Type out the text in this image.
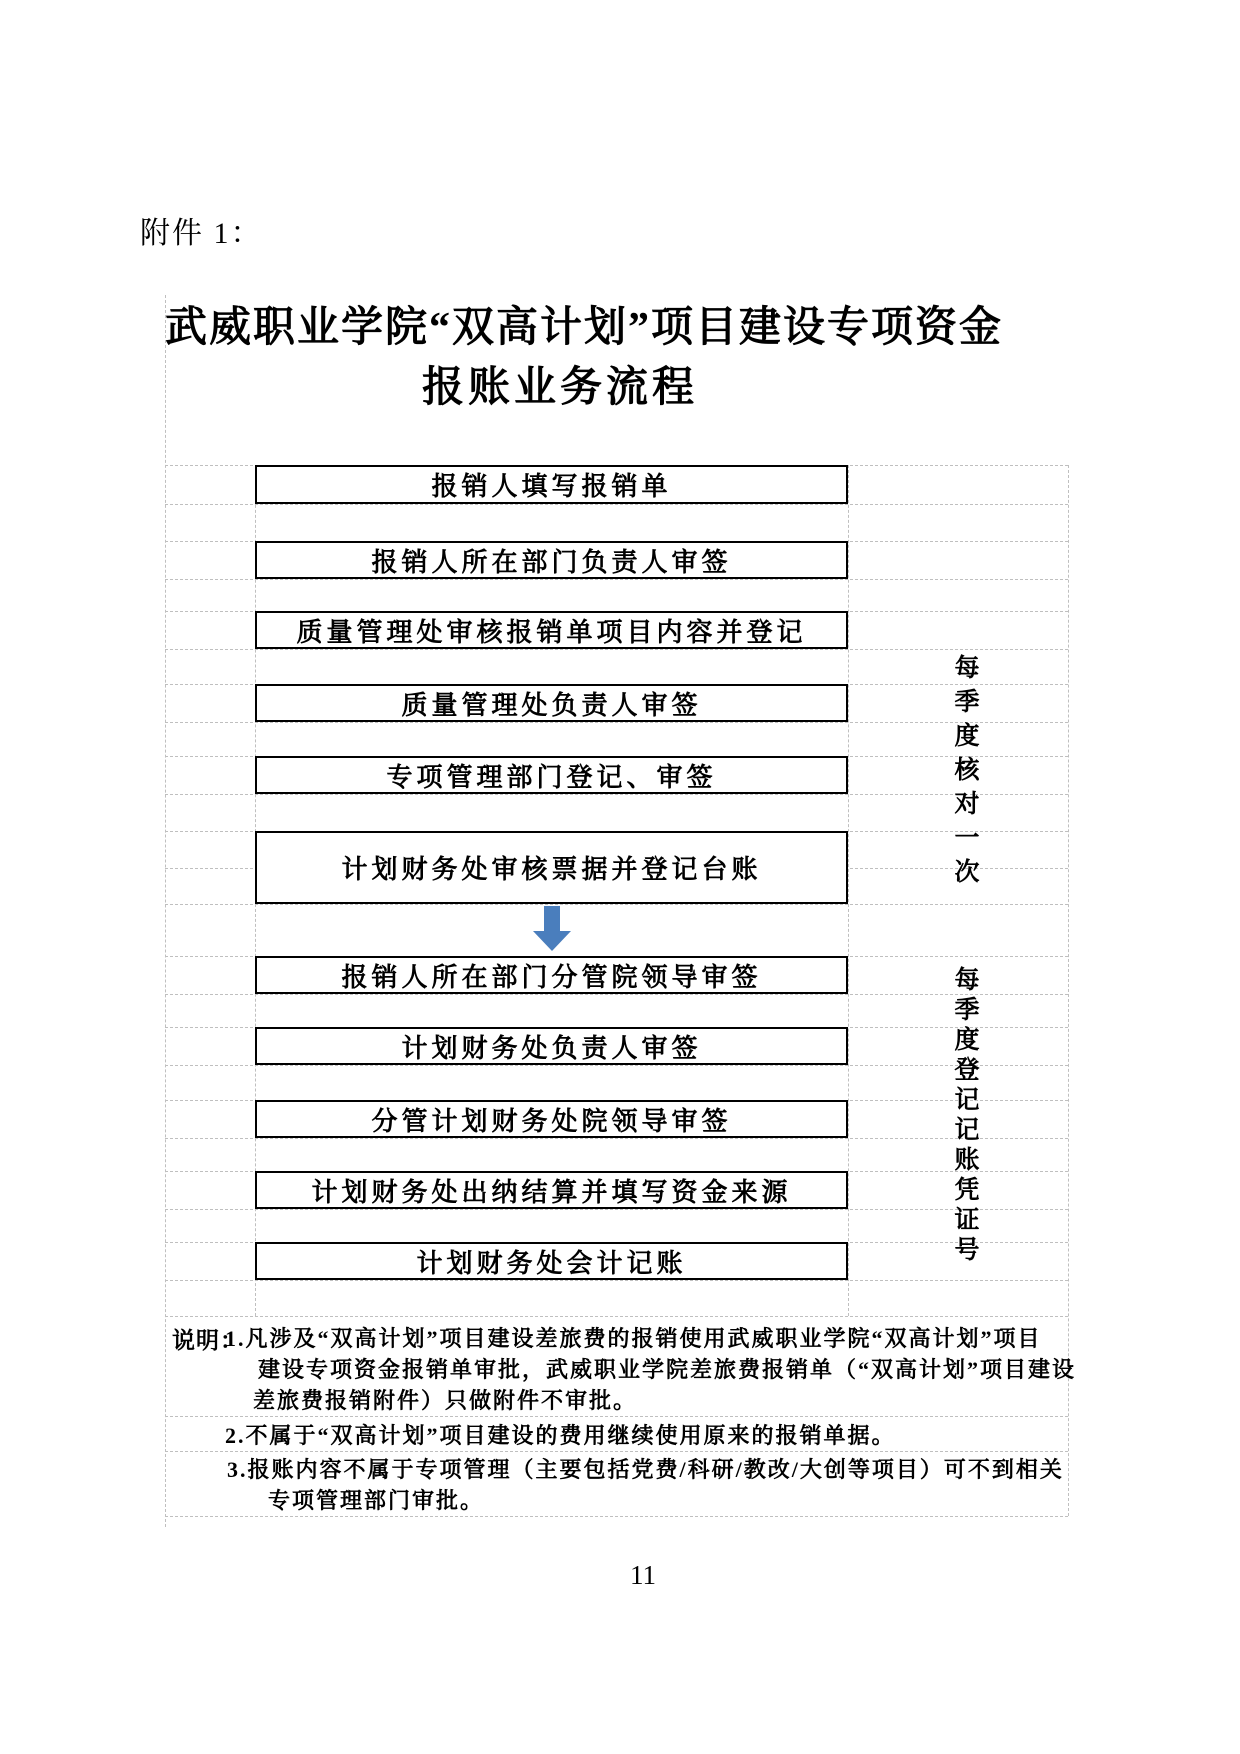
附件 1：
武威职业学院“双高计划”项目建设专项资金
报账业务流程
报销人填写报销单
报销人所在部门负责人审签
质量管理处审核报销单项目内容并登记
质量管理处负责人审签
专项管理部门登记、审签
计划财务处审核票据并登记台账
报销人所在部门分管院领导审签
计划财务处负责人审签
分管计划财务处院领导审签
计划财务处出纳结算并填写资金来源
计划财务处会计记账
每季度核对一次
每季度登记记账凭证号
说明：
1.凡涉及“双高计划”项目建设差旅费的报销使用武威职业学院“双高计划”项目
建设专项资金报销单审批，武威职业学院差旅费报销单（“双高计划”项目建设
差旅费报销附件）只做附件不审批。
2.不属于“双高计划”项目建设的费用继续使用原来的报销单据。
3.报账内容不属于专项管理（主要包括党费/科研/教改/大创等项目）可不到相关
专项管理部门审批。
11
